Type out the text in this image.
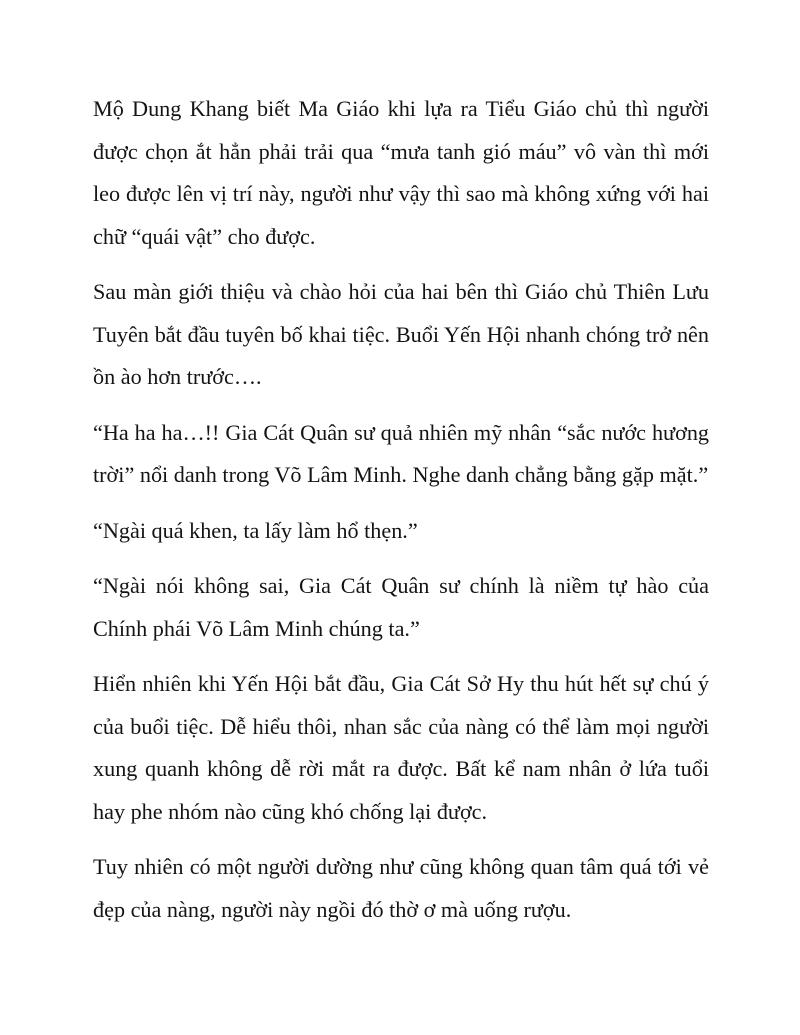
Mộ Dung Khang biết Ma Giáo khi lựa ra Tiểu Giáo chủ thì người được chọn ắt hẳn phải trải qua “mưa tanh gió máu” vô vàn thì mới leo được lên vị trí này, người như vậy thì sao mà không xứng với hai chữ “quái vật” cho được.

Sau màn giới thiệu và chào hỏi của hai bên thì Giáo chủ Thiên Lưu Tuyên bắt đầu tuyên bố khai tiệc. Buổi Yến Hội nhanh chóng trở nên ồn ào hơn trước….

“Ha ha ha…!! Gia Cát Quân sư quả nhiên mỹ nhân “sắc nước hương trời” nổi danh trong Võ Lâm Minh. Nghe danh chẳng bằng gặp mặt.”

“Ngài quá khen, ta lấy làm hổ thẹn.”

“Ngài nói không sai, Gia Cát Quân sư chính là niềm tự hào của Chính phái Võ Lâm Minh chúng ta.”

Hiển nhiên khi Yến Hội bắt đầu, Gia Cát Sở Hy thu hút hết sự chú ý của buổi tiệc. Dễ hiểu thôi, nhan sắc của nàng có thể làm mọi người xung quanh không dễ rời mắt ra được. Bất kể nam nhân ở lứa tuổi hay phe nhóm nào cũng khó chống lại được.

Tuy nhiên có một người dường như cũng không quan tâm quá tới vẻ đẹp của nàng, người này ngồi đó thờ ơ mà uống rượu.
